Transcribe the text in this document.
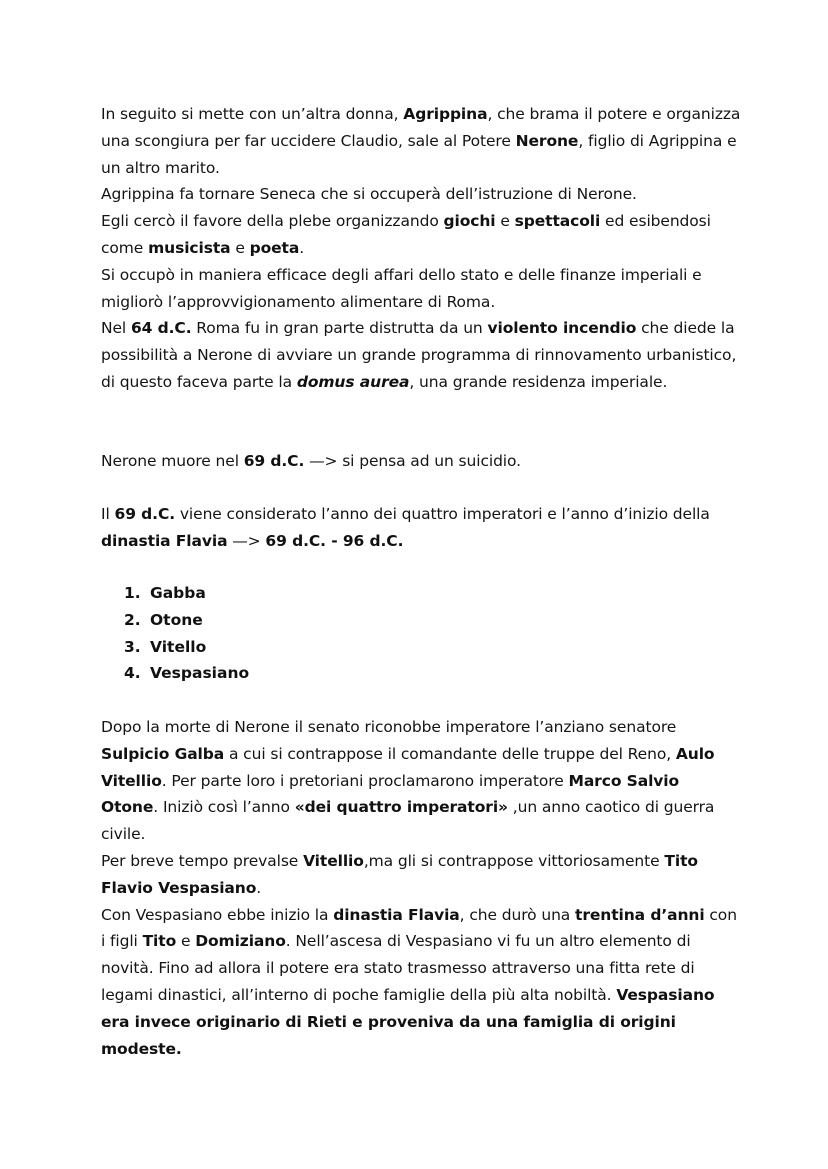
In seguito si mette con un’altra donna, Agrippina, che brama il potere e organizza una scongiura per far uccidere Claudio, sale al Potere Nerone, figlio di Agrippina e un altro marito.

Agrippina fa tornare Seneca che si occuperà dell’istruzione di Nerone.

Egli cercò il favore della plebe organizzando giochi e spettacoli ed esibendosi come musicista e poeta.

Si occupò in maniera efficace degli affari dello stato e delle finanze imperiali e migliorò l’approvvigionamento alimentare di Roma.

Nel 64 d.C. Roma fu in gran parte distrutta da un violento incendio che diede la possibilità a Nerone di avviare un grande programma di rinnovamento urbanistico, di questo faceva parte la domus aurea, una grande residenza imperiale.

Nerone muore nel 69 d.C. —> si pensa ad un suicidio.

Il 69 d.C. viene considerato l’anno dei quattro imperatori e l’anno d’inizio della dinastia Flavia —> 69 d.C. - 96 d.C.

1. Gabba
2. Otone
3. Vitello
4. Vespasiano

Dopo la morte di Nerone il senato riconobbe imperatore l’anziano senatore Sulpicio Galba a cui si contrappose il comandante delle truppe del Reno, Aulo Vitellio. Per parte loro i pretoriani proclamarono imperatore Marco Salvio Otone. Iniziò così l’anno «dei quattro imperatori» ,un anno caotico di guerra civile.

Per breve tempo prevalse Vitellio,ma gli si contrappose vittoriosamente Tito Flavio Vespasiano.

Con Vespasiano ebbe inizio la dinastia Flavia, che durò una trentina d’anni con i figli Tito e Domiziano. Nell’ascesa di Vespasiano vi fu un altro elemento di novità. Fino ad allora il potere era stato trasmesso attraverso una fitta rete di legami dinastici, all’interno di poche famiglie della più alta nobiltà. Vespasiano era invece originario di Rieti e proveniva da una famiglia di origini modeste.
